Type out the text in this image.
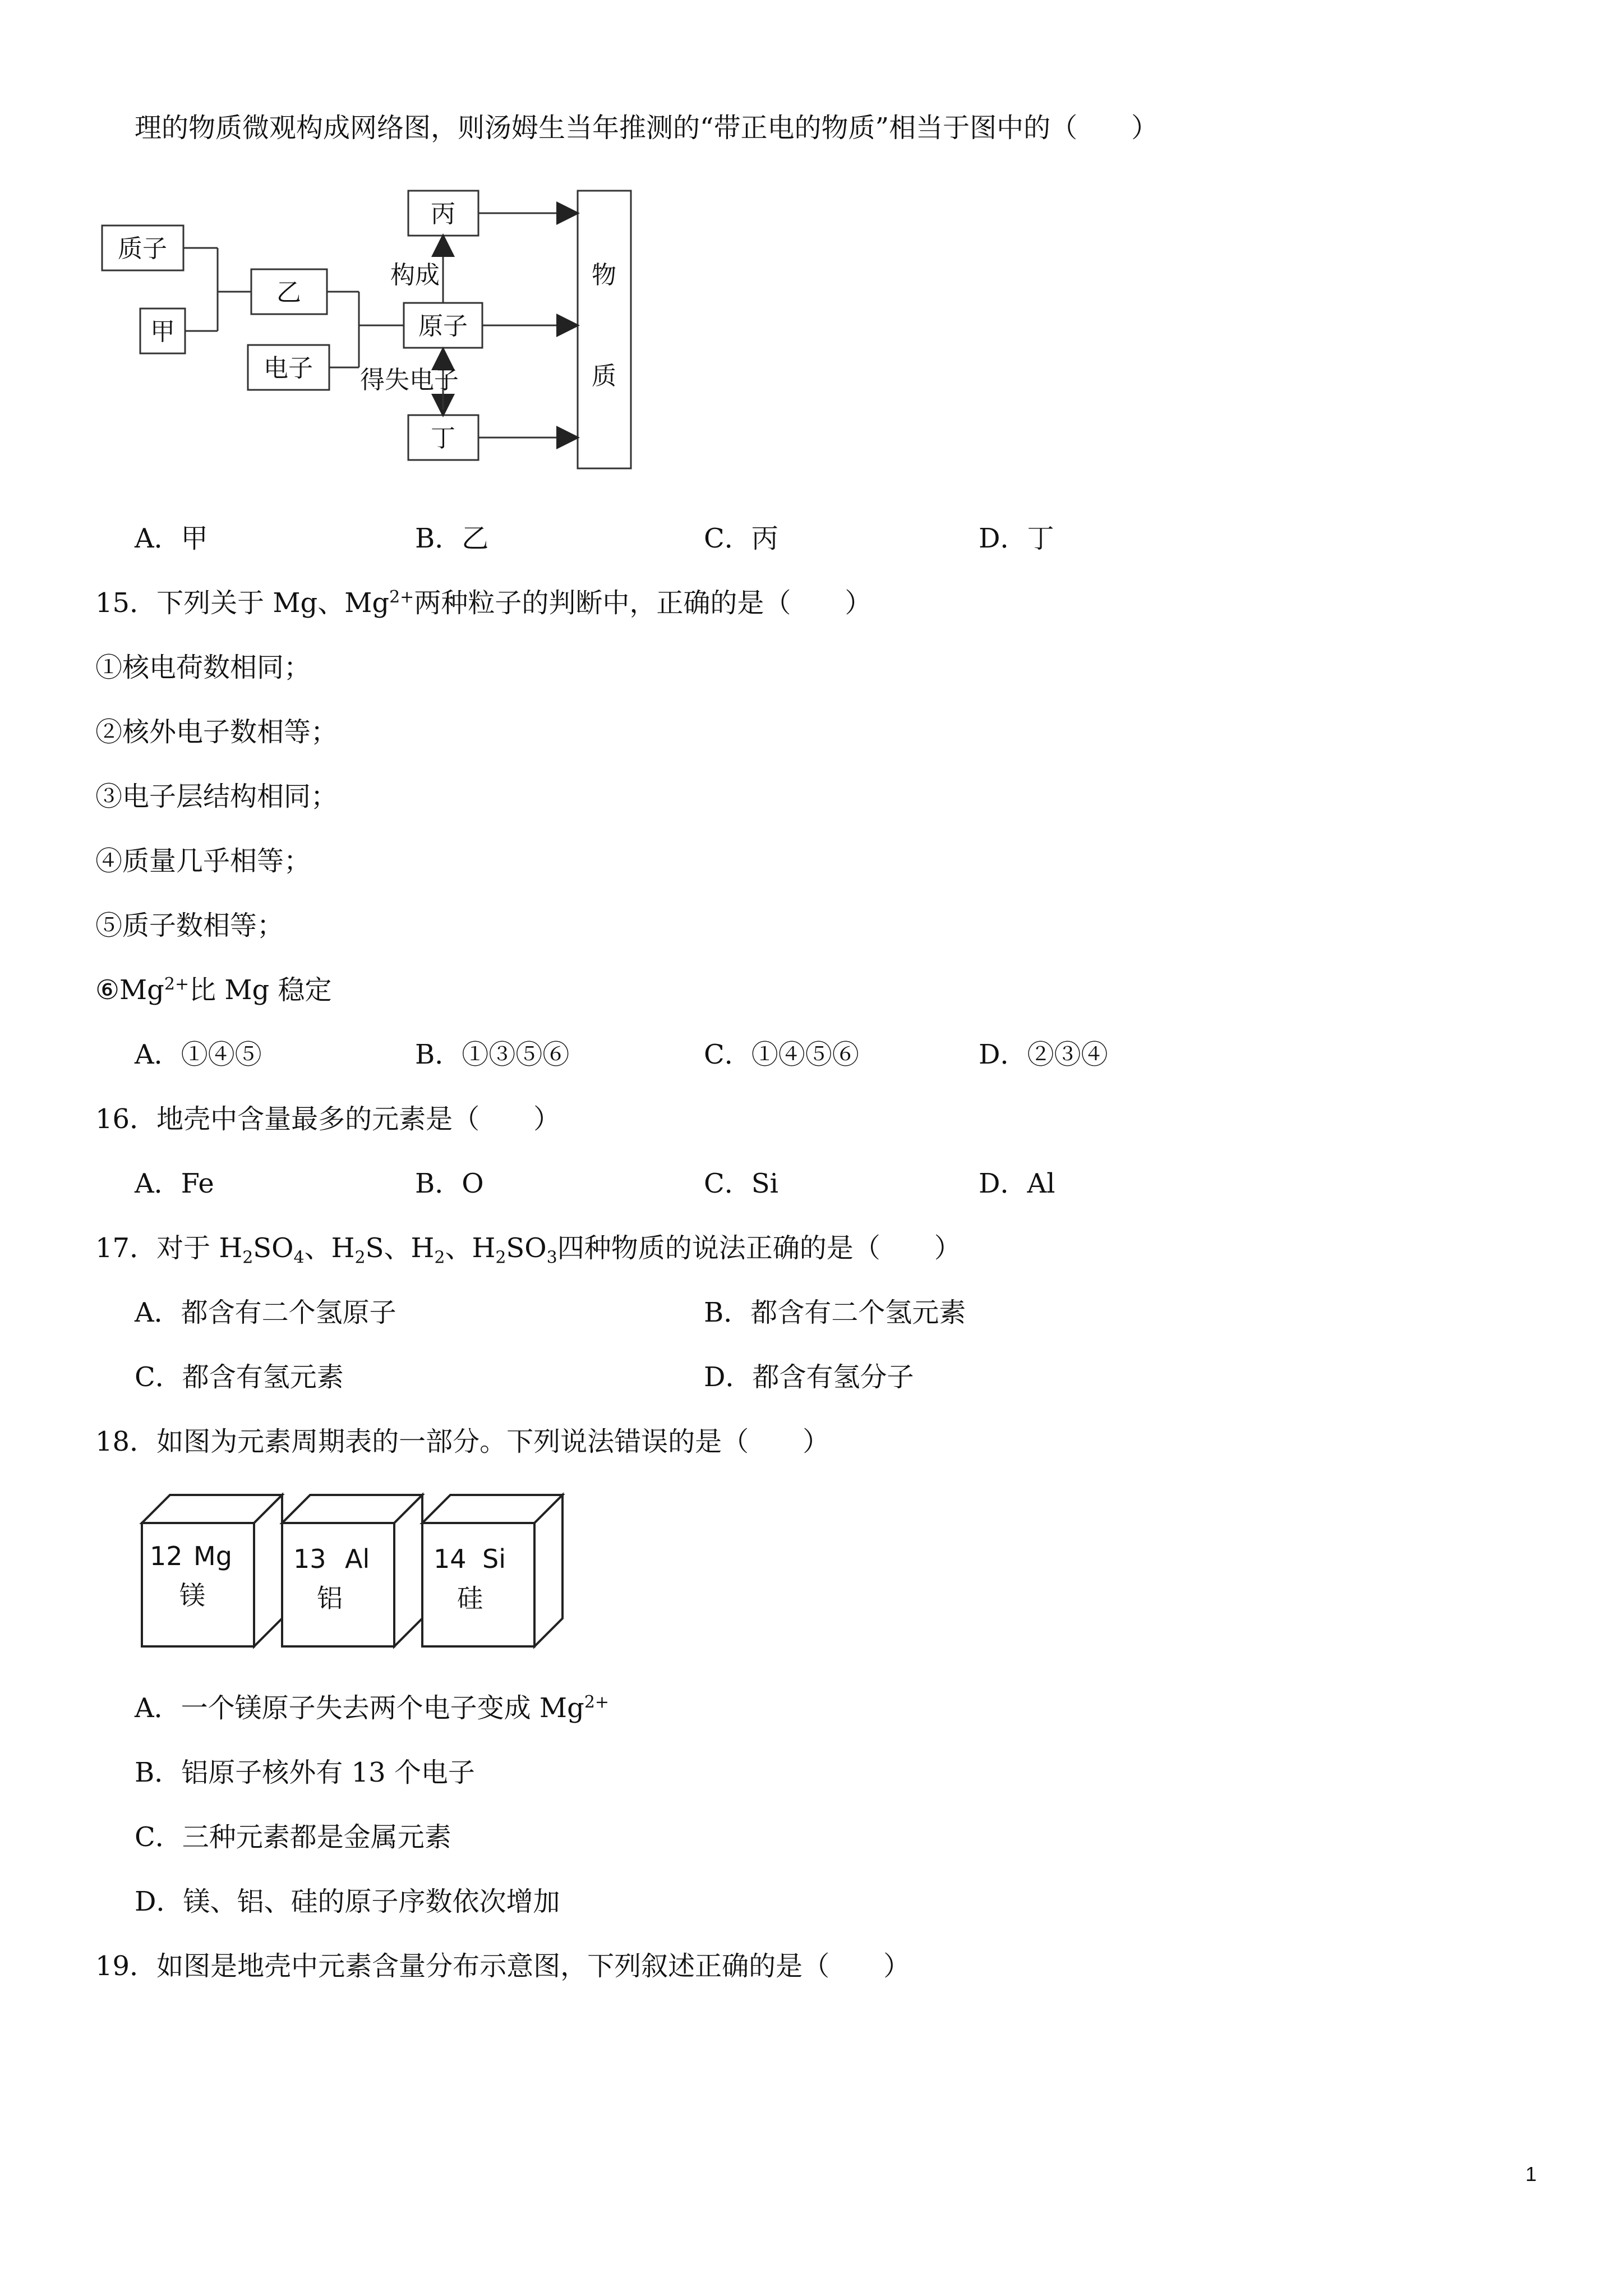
理的物质微观构成网络图，则汤姆生当年推测的“带正电的物质”相当于图中的（　　）
质子
甲
乙
电子
丙
原子
丁
构成
得失电子
物
质
A．甲	B．乙	C．丙	D．丁
15．下列关于 Mg、$Mg^{2+}$两种粒子的判断中，正确的是（　　）
①核电荷数相同；
②核外电子数相等；
③电子层结构相同；
④质量几乎相等；
⑤质子数相等；
$⑥Mg^{2+}$比 Mg 稳定
A．①④⑤	B．①③⑤⑥	C．①④⑤⑥	D．②③④
16．地壳中含量最多的元素是（　　）
A．Fe	B．O	C．Si	D．Al
17．对于 $H_2SO_4$、$H_2S$、$H_2$、$H_2SO_3$四种物质的说法正确的是（　　）
A．都含有二个氢原子	B．都含有二个氢元素
C．都含有氢元素	D．都含有氢分子
18．如图为元素周期表的一部分。下列说法错误的是（　　）
12 Mg
镁
13 Al
铝
14 Si
硅
A．一个镁原子失去两个电子变成 $Mg^{2+}$
B．铝原子核外有 13 个电子
C．三种元素都是金属元素
D．镁、铝、硅的原子序数依次增加
19．如图是地壳中元素含量分布示意图，下列叙述正确的是（　　）
1
